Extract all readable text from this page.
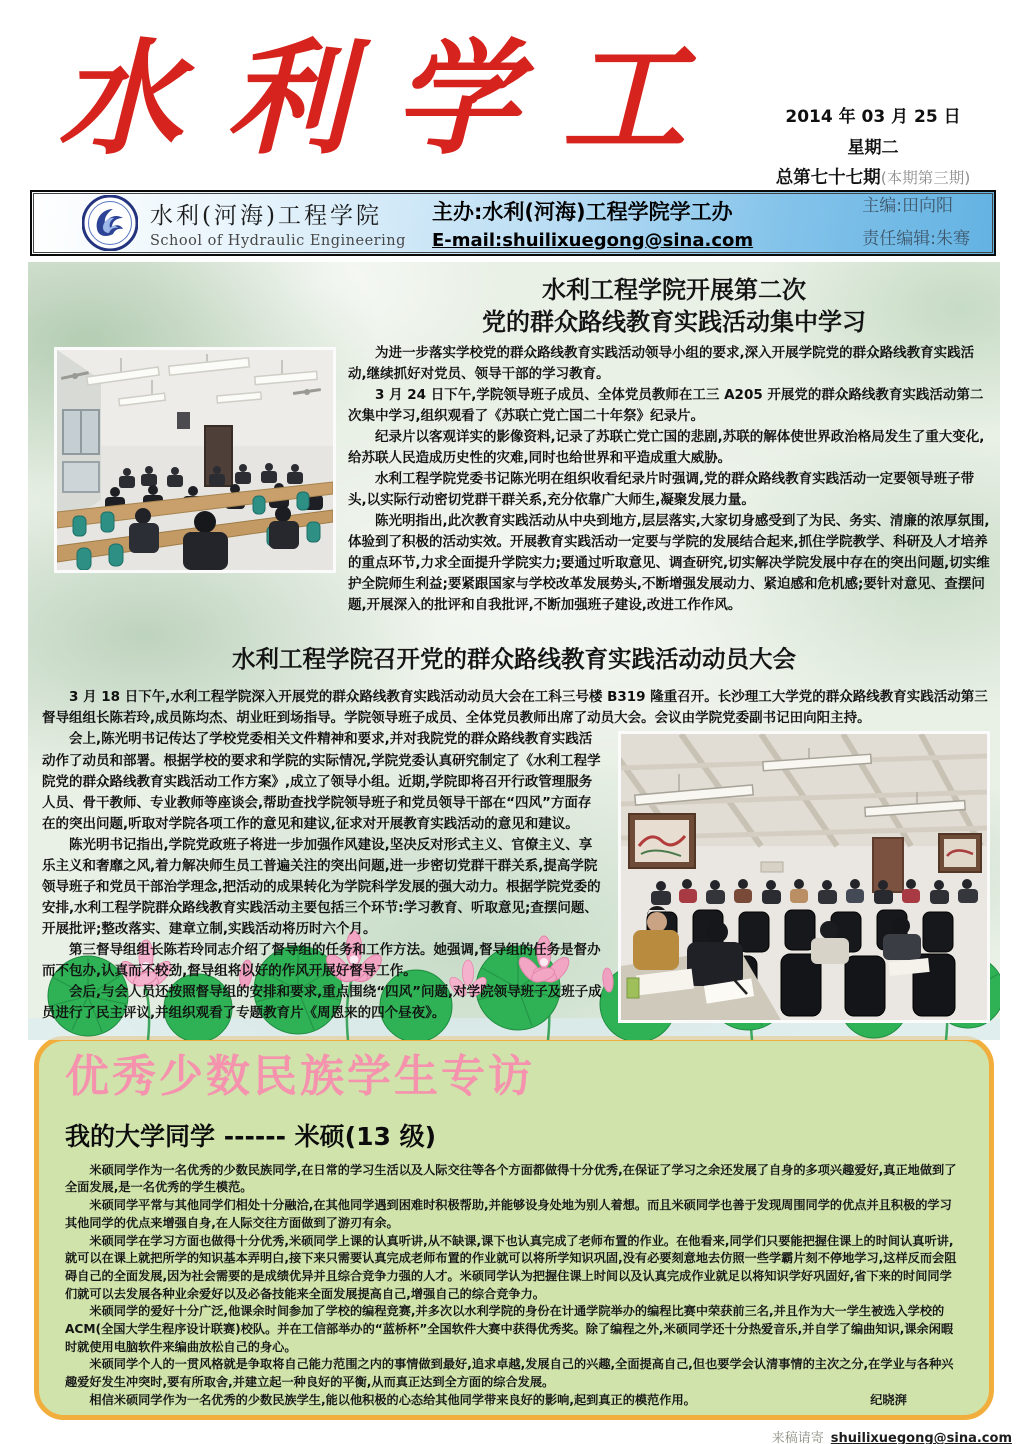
水利学工	2014 年 03 月 25 日
星期二
总第七十七期(本期第三期)
水利(河海)工程学院
School of Hydraulic Engineering
主办:水利(河海)工程学院学工办
E-mail:shuilixuegong@sina.com
主编:田向阳
责任编辑:朱骞
水利工程学院开展第二次
党的群众路线教育实践活动集中学习

为进一步落实学校党的群众路线教育实践活动领导小组的要求,深入开展学院党的群众路线教育实践活动,继续抓好对党员、领导干部的学习教育。

3 月 24 日下午,学院领导班子成员、全体党员教师在工三 A205 开展党的群众路线教育实践活动第二次集中学习,组织观看了《苏联亡党亡国二十年祭》纪录片。

纪录片以客观详实的影像资料,记录了苏联亡党亡国的悲剧,苏联的解体使世界政治格局发生了重大变化,给苏联人民造成历史性的灾难,同时也给世界和平造成重大威胁。

水利工程学院党委书记陈光明在组织收看纪录片时强调,党的群众路线教育实践活动一定要领导班子带头,以实际行动密切党群干群关系,充分依靠广大师生,凝聚发展力量。

陈光明指出,此次教育实践活动从中央到地方,层层落实,大家切身感受到了为民、务实、清廉的浓厚氛围,体验到了积极的活动实效。开展教育实践活动一定要与学院的发展结合起来,抓住学院教学、科研及人才培养的重点环节,力求全面提升学院实力;要通过听取意见、调查研究,切实解决学院发展中存在的突出问题,切实维护全院师生利益;要紧跟国家与学校改革发展势头,不断增强发展动力、紧迫感和危机感;要针对意见、查摆问题,开展深入的批评和自我批评,不断加强班子建设,改进工作作风。

水利工程学院召开党的群众路线教育实践活动动员大会

3 月 18 日下午,水利工程学院深入开展党的群众路线教育实践活动动员大会在工科三号楼 B319 隆重召开。长沙理工大学党的群众路线教育实践活动第三督导组组长陈若玲,成员陈均杰、胡业旺到场指导。学院领导班子成员、全体党员教师出席了动员大会。会议由学院党委副书记田向阳主持。

会上,陈光明书记传达了学校党委相关文件精神和要求,并对我院党的群众路线教育实践活动作了动员和部署。根据学校的要求和学院的实际情况,学院党委认真研究制定了《水利工程学院党的群众路线教育实践活动工作方案》,成立了领导小组。近期,学院即将召开行政管理服务人员、骨干教师、专业教师等座谈会,帮助查找学院领导班子和党员领导干部在“四风”方面存在的突出问题,听取对学院各项工作的意见和建议,征求对开展教育实践活动的意见和建议。

陈光明书记指出,学院党政班子将进一步加强作风建设,坚决反对形式主义、官僚主义、享乐主义和奢靡之风,着力解决师生员工普遍关注的突出问题,进一步密切党群干群关系,提高学院领导班子和党员干部治学理念,把活动的成果转化为学院科学发展的强大动力。根据学院党委的安排,水利工程学院群众路线教育实践活动主要包括三个环节:学习教育、听取意见;查摆问题、开展批评;整改落实、建章立制,实践活动将历时六个月。

第三督导组组长陈若玲同志介绍了督导组的任务和工作方法。她强调,督导组的任务是督办而不包办,认真而不较劲,督导组将以好的作风开展好督导工作。

会后,与会人员还按照督导组的安排和要求,重点围绕“四风”问题,对学院领导班子及班子成员进行了民主评议,并组织观看了专题教育片《周恩来的四个昼夜》。

优秀少数民族学生专访
我的大学同学 ------ 米硕(13 级)

米硕同学作为一名优秀的少数民族同学,在日常的学习生活以及人际交往等各个方面都做得十分优秀,在保证了学习之余还发展了自身的多项兴趣爱好,真正地做到了全面发展,是一名优秀的学生模范。

米硕同学平常与其他同学们相处十分融洽,在其他同学遇到困难时积极帮助,并能够设身处地为别人着想。而且米硕同学也善于发现周围同学的优点并且积极的学习其他同学的优点来增强自身,在人际交往方面做到了游刃有余。

米硕同学在学习方面也做得十分优秀,米硕同学上课的认真听讲,从不缺课,课下也认真完成了老师布置的作业。在他看来,同学们只要能把握住课上的时间认真听讲,就可以在课上就把所学的知识基本弄明白,接下来只需要认真完成老师布置的作业就可以将所学知识巩固,没有必要刻意地去仿照一些学霸片刻不停地学习,这样反而会阻碍自己的全面发展,因为社会需要的是成绩优异并且综合竞争力强的人才。米硕同学认为把握住课上时间以及认真完成作业就足以将知识学好巩固好,省下来的时间同学们就可以去发展各种业余爱好以及必备技能来全面发展提高自己,增强自己的综合竞争力。

米硕同学的爱好十分广泛,他课余时间参加了学校的编程竞赛,并多次以水利学院的身份在计通学院举办的编程比赛中荣获前三名,并且作为大一学生被选入学校的 ACM(全国大学生程序设计联赛)校队。并在工信部举办的“蓝桥杯”全国软件大赛中获得优秀奖。除了编程之外,米硕同学还十分热爱音乐,并自学了编曲知识,课余闲暇时就使用电脑软件来编曲放松自己的身心。

米硕同学个人的一贯风格就是争取将自己能力范围之内的事情做到最好,追求卓越,发展自己的兴趣,全面提高自己,但也要学会认清事情的主次之分,在学业与各种兴趣爱好发生冲突时,要有所取舍,并建立起一种良好的平衡,从而真正达到全方面的综合发展。

相信米硕同学作为一名优秀的少数民族学生,能以他积极的心态给其他同学带来良好的影响,起到真正的模范作用。	纪晓湃

来稿请寄 shuilixuegong@sina.com
